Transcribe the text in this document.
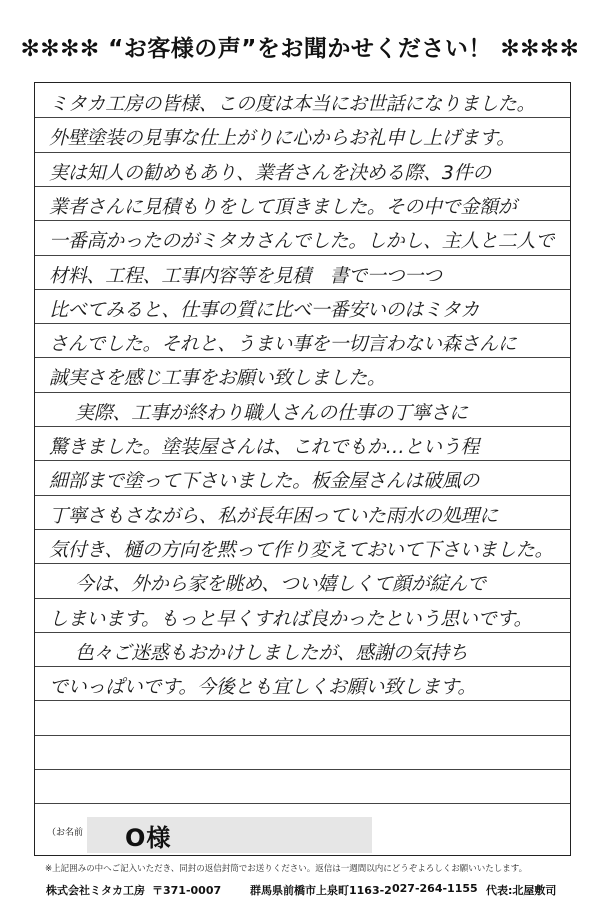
✻✻✻✻ “お客様の声”をお聞かせください！ ✻✻✻✻
（お名前 O様
ミタカ工房の皆様、この度は本当にお世話になりました。
外壁塗装の見事な仕上がりに心からお礼申し上げます。
実は知人の勧めもあり、業者さんを決める際、3件の
業者さんに見積もりをして頂きました。その中で金額が
一番高かったのがミタカさんでした。しかし、主人と二人で
材料、工程、工事内容等を見積　書で一つ一つ
比べてみると、仕事の質に比べ一番安いのはミタカ
さんでした。それと、うまい事を一切言わない森さんに
誠実さを感じ工事をお願い致しました。
実際、工事が終わり職人さんの仕事の丁寧さに
驚きました。塗装屋さんは、これでもか…という程
細部まで塗って下さいました。板金屋さんは破風の
丁寧さもさながら、私が長年困っていた雨水の処理に
気付き、樋の方向を黙って作り変えておいて下さいました。
今は、外から家を眺め、つい嬉しくて顔が綻んで
しまいます。もっと早くすれば良かったという思いです。
色々ご迷惑もおかけしましたが、感謝の気持ち
でいっぱいです。今後とも宜しくお願い致します。
※上記囲みの中へご記入いただき、同封の返信封筒でお送りください。返信は一週間以内にどうぞよろしくお願いいたします。
株式会社ミタカ工房 〒371-0007	群馬県前橋市上泉町1163-2 027-264-1155 代表:北屋敷司
